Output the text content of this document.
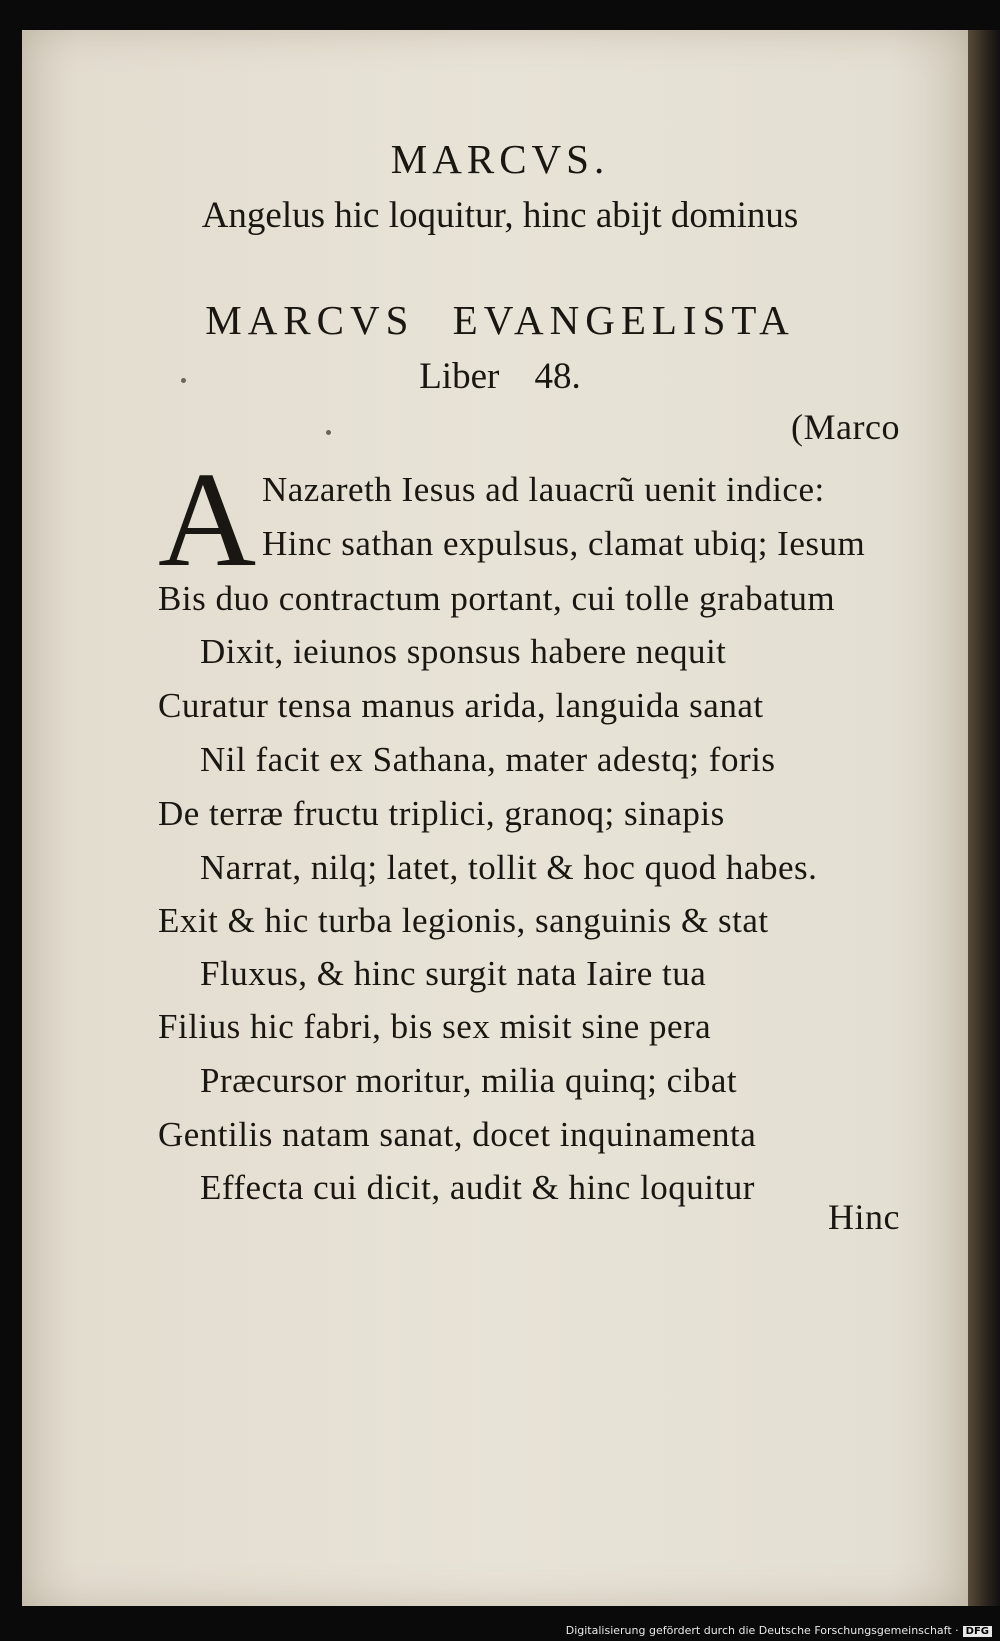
MARCVS.
Angelus hic loquitur, hinc abijt dominus
MARCVS EVANGELISTA
Liber 48.
(Marco
A Nazareth Iesus ad lauacrũ uenit indice:
Hinc sathan expulsus, clamat ubiq; Iesum
Bis duo contractum portant, cui tolle grabatum
Dixit, ieiunos sponsus habere nequit
Curatur tensa manus arida, languida sanat
Nil facit ex Sathana, mater adestq; foris
De terræ fructu triplici, granoq; sinapis
Narrat, nilq; latet, tollit & hoc quod habes.
Exit & hic turba legionis, sanguinis & stat
Fluxus, & hinc surgit nata Iaire tua
Filius hic fabri, bis sex misit sine pera
Præcursor moritur, milia quinq; cibat
Gentilis natam sanat, docet inquinamenta
Effecta cui dicit, audit & hinc loquitur
Hinc
Digitalisierung gefördert durch die Deutsche Forschungsgemeinschaft · DFG
